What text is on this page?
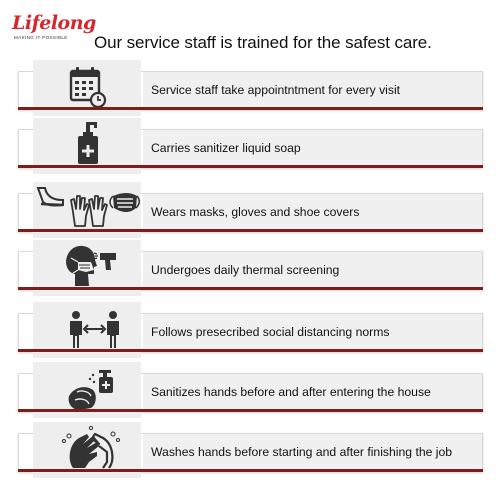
Lifelong
MAKING IT POSSIBLE Our service staff is trained for the safest care.
Service staff take appointntment for every visit
Carries sanitizer liquid soap
Wears masks, gloves and shoe covers
Undergoes daily thermal screening
Follows presecribed social distancing norms
Sanitizes hands before and after entering the house
Washes hands before starting and after finishing the job
